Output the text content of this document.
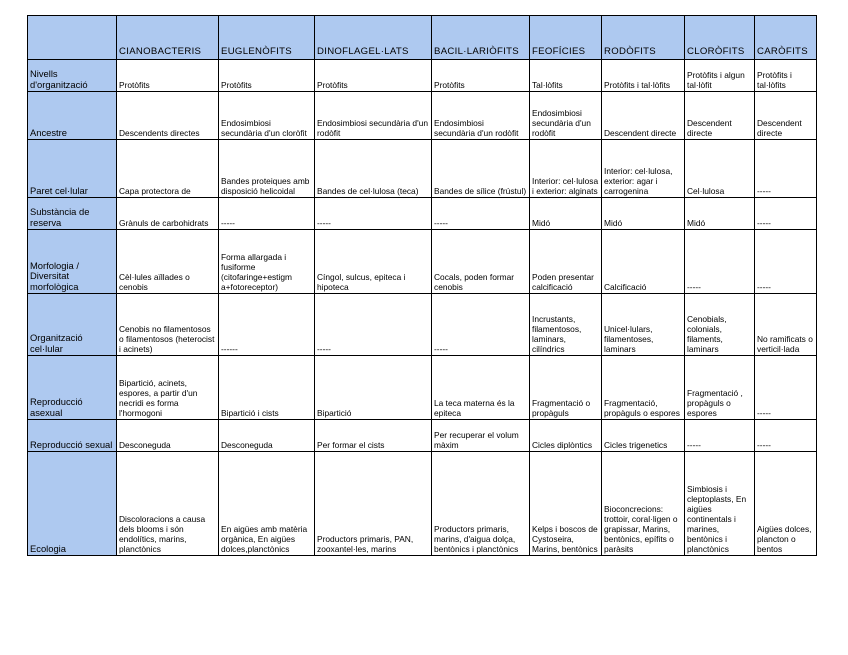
	CIANOBACTERIS	EUGLENÒFITS	DINOFLAGEL·LATS	BACIL·LARIÒFITS	FEOFÍCIES	RODÒFITS	CLORÒFITS	CARÒFITS
Nivells d'organització	Protòfits	Protòfits	Protòfits	Protòfits	Tal·lòfits	Protòfits i tal·lòfits	Protòfits i algun tal·lòfit	Protòfits i tal·lòfits
Ancestre	Descendents directes	Endosimbiosi secundària d'un cloròfit	Endosimbiosi secundària d'un rodòfit	Endosimbiosi secundària d'un rodòfit	Endosimbiosi secundària d'un rodòfit	Descendent directe	Descendent directe	Descendent directe
Paret cel·lular	Capa protectora de	Bandes proteiques amb disposició helicoidal	Bandes de cel·lulosa (teca)	Bandes de sílice (frústul)	Interior: cel·lulosa i exterior: alginats	Interior: cel·lulosa, exterior: agar i carrogenina	Cel·lulosa	-----
Substància de reserva	Grànuls de carbohidrats	-----	-----	-----	Midó	Midó	Midó	-----
Morfologia / Diversitat morfològica	Cèl·lules aïllades o cenobis	Forma allargada i fusiforme (citofaringe+estigm a+fotoreceptor)	Cíngol, sulcus, epiteca i hipoteca	Cocals, poden formar cenobis	Poden presentar calcificació	Calcificació	-----	-----
Organització cel·lular	Cenobis no filamentosos o filamentosos (heterocist i acinets)	------	-----	-----	Incrustants, filamentosos, laminars, cilíndrics	Unicel·lulars, filamentoses, laminars	Cenobials, colonials, filaments, laminars	No ramificats o verticil·lada
Reproducció asexual	Bipartició, acinets, espores, a partir d'un necridi es forma l'hormogoni	Bipartició i cists	Bipartició	La teca materna és la epiteca	Fragmentació o propàguls	Fragmentació, propàguls o espores	Fragmentació , propàguls o espores	-----
Reproducció sexual	Desconeguda	Desconeguda	Per formar el cists	Per recuperar el volum màxim	Cicles diplòntics	Cicles trigenetics	-----	-----
Ecologia	Discoloracions a causa dels blooms i són endolítics, marins, planctònics	En aigües amb matèria orgànica, En aigües dolces,planctònics	Productors primaris, PAN, zooxantel·les, marins	Productors primaris, marins, d'aigua dolça, bentònics i planctònics	Kelps i boscos de Cystoseira, Marins, bentònics	Bioconcrecions: trottoir, coral·ligen o grapissar, Marins, bentònics, epífits o paràsits	Simbiosis i cleptoplasts, En aigües continentals i marines, bentònics i planctònics	Aigües dolces, plancton o bentos
